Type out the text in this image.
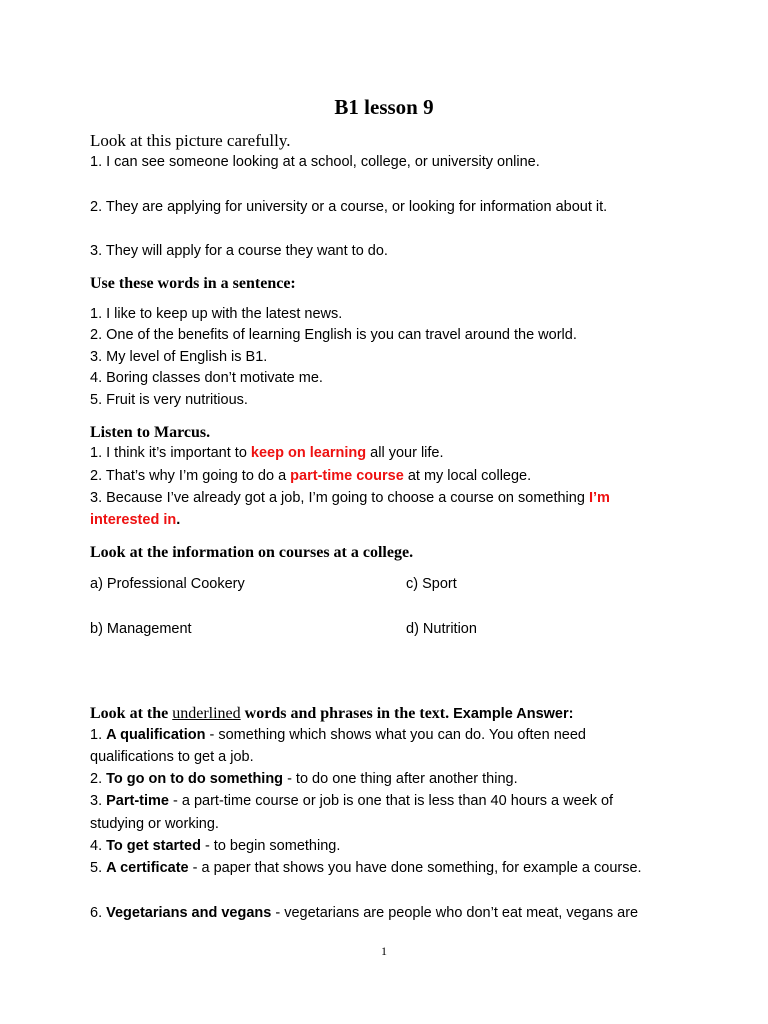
B1 lesson 9
Look at this picture carefully.
1. I can see someone looking at a school, college, or university online.
2. They are applying for university or a course, or looking for information about it.
3. They will apply for a course they want to do.
Use these words in a sentence:
1. I like to keep up with the latest news.
2. One of the benefits of learning English is you can travel around the world.
3. My level of English is B1.
4. Boring classes don’t motivate me.
5. Fruit is very nutritious.
Listen to Marcus.
1. I think it’s important to keep on learning all your life.
2. That’s why I’m going to do a part-time course at my local college.
3. Because I’ve already got a job, I’m going to choose a course on something I’m
interested in.
Look at the information on courses at a college.
a) Professional Cookery	c) Sport
b) Management	d) Nutrition
Look at the underlined words and phrases in the text. Example Answer:
1. A qualification - something which shows what you can do. You often need
qualifications to get a job.
2. To go on to do something - to do one thing after another thing.
3. Part-time - a part-time course or job is one that is less than 40 hours a week of
studying or working.
4. To get started - to begin something.
5. A certificate - a paper that shows you have done something, for example a course.
6. Vegetarians and vegans - vegetarians are people who don’t eat meat, vegans are
1
